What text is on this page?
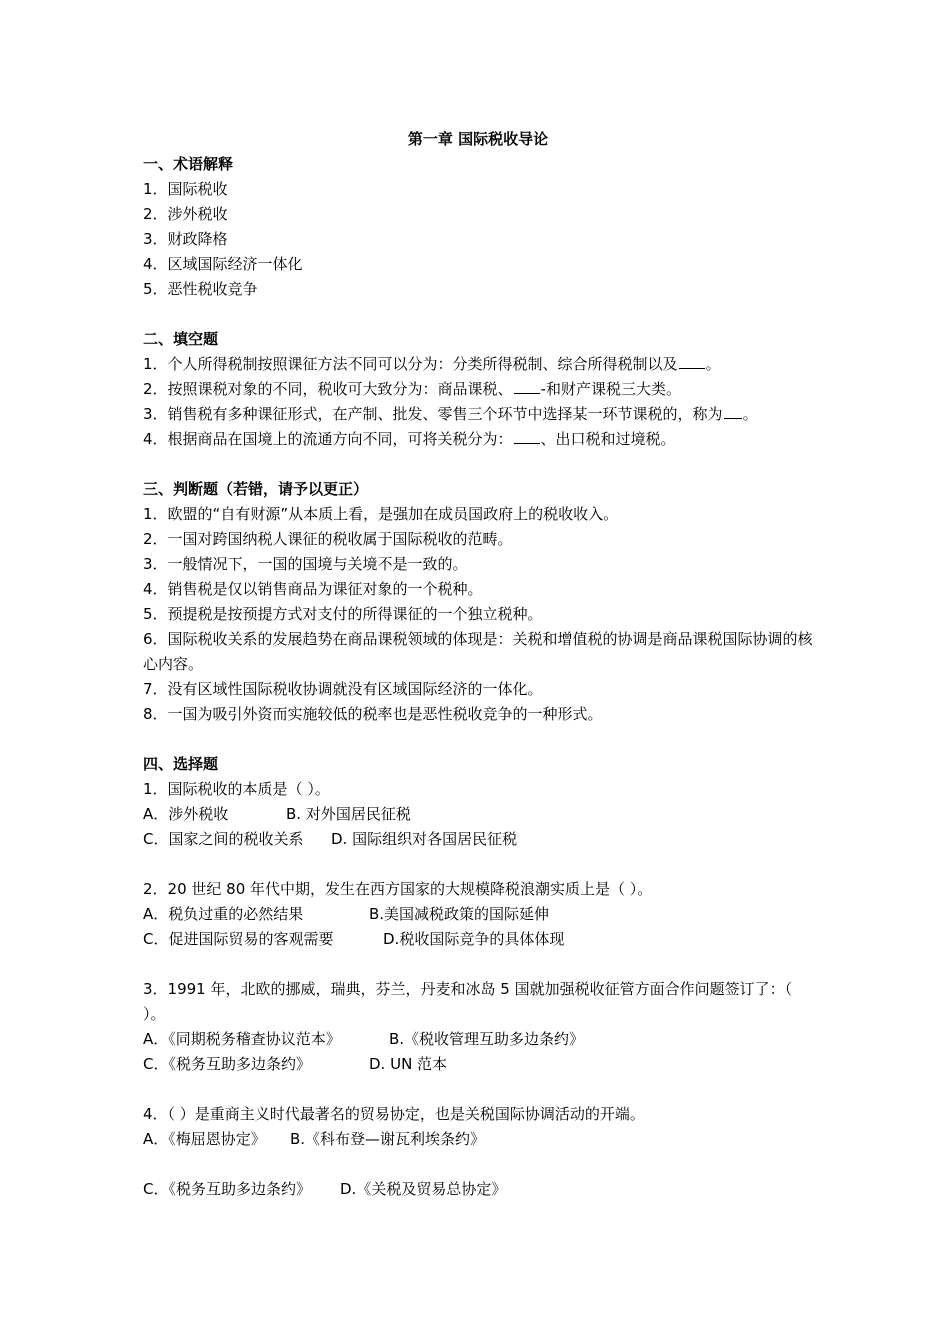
第一章 国际税收导论
一、术语解释
1．国际税收
2．涉外税收
3．财政降格
4．区域国际经济一体化
5．恶性税收竞争
二、填空题
1．个人所得税制按照课征方法不同可以分为：分类所得税制、综合所得税制以及 。
2．按照课税对象的不同，税收可大致分为：商品课税、 -和财产课税三大类。
3．销售税有多种课征形式，在产制、批发、零售三个环节中选择某一环节课税的，称为 。
4．根据商品在国境上的流通方向不同，可将关税分为： 、出口税和过境税。
三、判断题（若错，请予以更正）
1．欧盟的“自有财源”从本质上看，是强加在成员国政府上的税收收入。
2．一国对跨国纳税人课征的税收属于国际税收的范畴。
3．一般情况下，一国的国境与关境不是一致的。
4．销售税是仅以销售商品为课征对象的一个税种。
5．预提税是按预提方式对支付的所得课征的一个独立税种。
6．国际税收关系的发展趋势在商品课税领域的体现是：关税和增值税的协调是商品课税国际协调的核心内容。
7．没有区域性国际税收协调就没有区域国际经济的一体化。
8．一国为吸引外资而实施较低的税率也是恶性税收竞争的一种形式。
四、选择题
1．国际税收的本质是（ ）。
A．涉外税收	B. 对外国居民征税
C．国家之间的税收关系 D. 国际组织对各国居民征税
2．20 世纪 80 年代中期，发生在西方国家的大规模降税浪潮实质上是（ ）。
A．税负过重的必然结果	B.美国减税政策的国际延伸
C．促进国际贸易的客观需要	D.税收国际竞争的具体体现
3．1991 年，北欧的挪威，瑞典，芬兰，丹麦和冰岛 5 国就加强税收征管方面合作问题签订了：（ ）。
A．《同期税务稽查协议范本》	B.《税收管理互助多边条约》
C．《税务互助多边条约》	D. UN 范本
4．（ ）是重商主义时代最著名的贸易协定，也是关税国际协调活动的开端。
A．《梅屈恩协定》 B.《科布登—谢瓦利埃条约》
C．《税务互助多边条约》 D.《关税及贸易总协定》
